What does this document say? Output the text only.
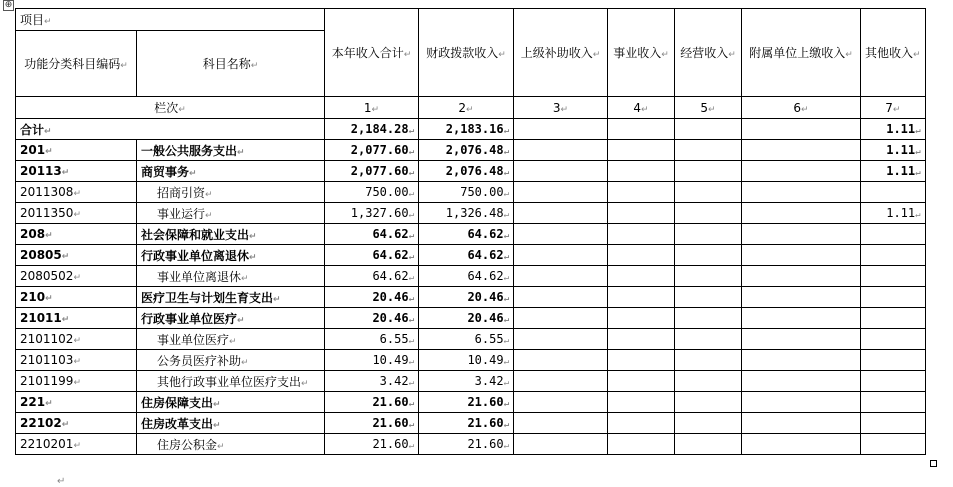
⊕
项目↵		本年收入合计↵	财政拨款收入↵	上级补助收入↵	事业收入↵	经营收入↵	附属单位上缴收入↵	其他收入↵
功能分类科目编码↵	科目名称↵							
栏次↵		1↵	2↵	3↵	4↵	5↵	6↵	7↵
合计↵		2,184.28↵	2,183.16↵					1.11↵
201↵	一般公共服务支出↵	2,077.60↵	2,076.48↵					1.11↵
20113↵	商贸事务↵	2,077.60↵	2,076.48↵					1.11↵
2011308↵	招商引资↵	750.00↵	750.00↵					
2011350↵	事业运行↵	1,327.60↵	1,326.48↵					1.11↵
208↵	社会保障和就业支出↵	64.62↵	64.62↵					
20805↵	行政事业单位离退休↵	64.62↵	64.62↵					
2080502↵	事业单位离退休↵	64.62↵	64.62↵					
210↵	医疗卫生与计划生育支出↵	20.46↵	20.46↵					
21011↵	行政事业单位医疗↵	20.46↵	20.46↵					
2101102↵	事业单位医疗↵	6.55↵	6.55↵					
2101103↵	公务员医疗补助↵	10.49↵	10.49↵					
2101199↵	其他行政事业单位医疗支出↵	3.42↵	3.42↵					
221↵	住房保障支出↵	21.60↵	21.60↵					
22102↵	住房改革支出↵	21.60↵	21.60↵					
2210201↵	住房公积金↵	21.60↵	21.60↵					
↵
